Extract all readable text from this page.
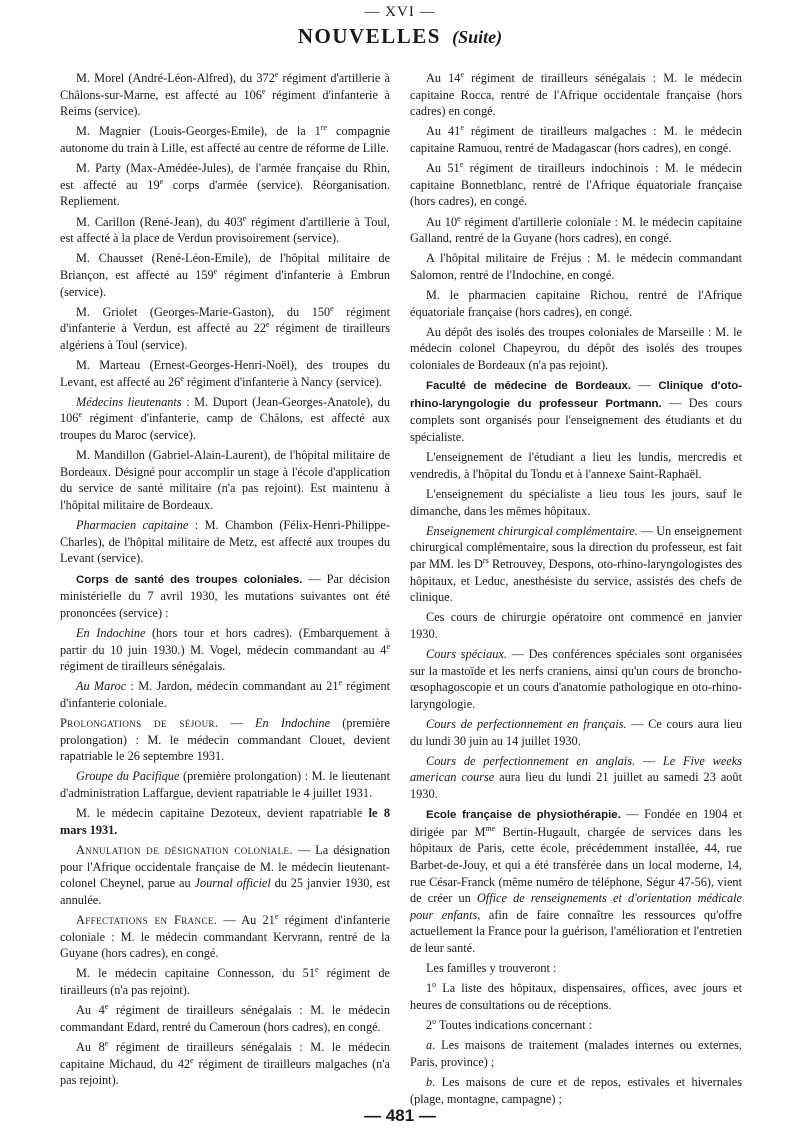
— XVI —
NOUVELLES (Suite)

M. Morel (André-Léon-Alfred), du 372e régiment d'artillerie à Châlons-sur-Marne, est affecté au 106e régiment d'infanterie à Reims (service).

M. Magnier (Louis-Georges-Emile), de la 1re compagnie autonome du train à Lille, est affecté au centre de réforme de Lille.

M. Party (Max-Amédée-Jules), de l'armée française du Rhin, est affecté au 19e corps d'armée (service). Réorganisation. Repliement.

M. Carillon (René-Jean), du 403e régiment d'artillerie à Toul, est affecté à la place de Verdun provisoirement (service).

M. Chausset (René-Léon-Emile), de l'hôpital militaire de Briançon, est affecté au 159e régiment d'infanterie à Embrun (service).

M. Griolet (Georges-Marie-Gaston), du 150e régiment d'infanterie à Verdun, est affecté au 22e régiment de tirailleurs algériens à Toul (service).

M. Marteau (Ernest-Georges-Henri-Noël), des troupes du Levant, est affecté au 26e régiment d'infanterie à Nancy (service).

Médecins lieutenants : M. Duport (Jean-Georges-Anatole), du 106e régiment d'infanterie, camp de Châlons, est affecté aux troupes du Maroc (service).

M. Mandillon (Gabriel-Alain-Laurent), de l'hôpital militaire de Bordeaux. Désigné pour accomplir un stage à l'école d'application du service de santé militaire (n'a pas rejoint). Est maintenu à l'hôpital militaire de Bordeaux.

Pharmacien capitaine : M. Chambon (Félix-Henri-Philippe-Charles), de l'hôpital militaire de Metz, est affecté aux troupes du Levant (service).

Corps de santé des troupes coloniales. — Par décision ministérielle du 7 avril 1930, les mutations suivantes ont été prononcées (service) :

En Indochine (hors tour et hors cadres). (Embarquement à partir du 10 juin 1930.) M. Vogel, médecin commandant au 4e régiment de tirailleurs sénégalais.

Au Maroc : M. Jardon, médecin commandant au 21e régiment d'infanterie coloniale.

Prolongations de séjour. — En Indochine (première prolongation) : M. le médecin commandant Clouet, devient rapatriable le 26 septembre 1931.

Groupe du Pacifique (première prolongation) : M. le lieutenant d'administration Laffargue, devient rapatriable le 4 juillet 1931.

M. le médecin capitaine Dezoteux, devient rapatriable le 8 mars 1931.

Annulation de désignation coloniale. — La désignation pour l'Afrique occidentale française de M. le médecin lieutenant-colonel Cheynel, parue au Journal officiel du 25 janvier 1930, est annulée.

Affectations en France. — Au 21e régiment d'infanterie coloniale : M. le médecin commandant Kervrann, rentré de la Guyane (hors cadres), en congé.

M. le médecin capitaine Connesson, du 51e régiment de tirailleurs (n'a pas rejoint).

Au 4e régiment de tirailleurs sénégalais : M. le médecin commandant Edard, rentré du Cameroun (hors cadres), en congé.

Au 8e régiment de tirailleurs sénégalais : M. le médecin capitaine Michaud, du 42e régiment de tirailleurs malgaches (n'a pas rejoint).

Au 14e régiment de tirailleurs sénégalais : M. le médecin capitaine Rocca, rentré de l'Afrique occidentale française (hors cadres) en congé.

Au 41e régiment de tirailleurs malgaches : M. le médecin capitaine Ramuou, rentré de Madagascar (hors cadres), en congé.

Au 51e régiment de tirailleurs indochinois : M. le médecin capitaine Bonnetblanc, rentré de l'Afrique équatoriale française (hors cadres), en congé.

Au 10e régiment d'artillerie coloniale : M. le médecin capitaine Galland, rentré de la Guyane (hors cadres), en congé.

A l'hôpital militaire de Fréjus : M. le médecin commandant Salomon, rentré de l'Indochine, en congé.

M. le pharmacien capitaine Richou, rentré de l'Afrique équatoriale française (hors cadres), en congé.

Au dépôt des isolés des troupes coloniales de Marseille : M. le médecin colonel Chapeyrou, du dépôt des isolés des troupes coloniales de Bordeaux (n'a pas rejoint).

Faculté de médecine de Bordeaux. — Clinique d'oto-rhino-laryngologie du professeur Portmann. — Des cours complets sont organisés pour l'enseignement des étudiants et du spécialiste.

L'enseignement de l'étudiant a lieu les lundis, mercredis et vendredis, à l'hôpital du Tondu et à l'annexe Saint-Raphaël.

L'enseignement du spécialiste a lieu tous les jours, sauf le dimanche, dans les mêmes hôpitaux.

Enseignement chirurgical complémentaire. — Un enseignement chirurgical complémentaire, sous la direction du professeur, est fait par MM. les $D^{rs}$ Retrouvey, Despons, oto-rhino-laryngologistes des hôpitaux, et Leduc, anesthésiste du service, assistés des chefs de clinique.

Ces cours de chirurgie opératoire ont commencé en janvier 1930.

Cours spéciaux. — Des conférences spéciales sont organisées sur la mastoïde et les nerfs craniens, ainsi qu'un cours de broncho-œsophagoscopie et un cours d'anatomie pathologique en oto-rhino-laryngologie.

Cours de perfectionnement en français. — Ce cours aura lieu du lundi 30 juin au 14 juillet 1930.

Cours de perfectionnement en anglais. — Le Five weeks american course aura lieu du lundi 21 juillet au samedi 23 août 1930.

Ecole française de physiothérapie. — Fondée en 1904 et dirigée par $M^{me}$ Bertin-Hugault, chargée de services dans les hôpitaux de Paris, cette école, précédemment installée, 44, rue Barbet-de-Jouy, et qui a été transférée dans un local moderne, 14, rue César-Franck (même numéro de téléphone, Ségur 47-56), vient de créer un Office de renseignements et d'orientation médicale pour enfants, afin de faire connaître les ressources qu'offre actuellement la France pour la guérison, l'amélioration et l'entretien de leur santé.

Les familles y trouveront :

1$^o$ La liste des hôpitaux, dispensaires, offices, avec jours et heures de consultations ou de réceptions.

2$^o$ Toutes indications concernant :

a. Les maisons de traitement (malades internes ou externes, Paris, province) ;

b. Les maisons de cure et de repos, estivales et hivernales (plage, montagne, campagne) ;

— 481 —
